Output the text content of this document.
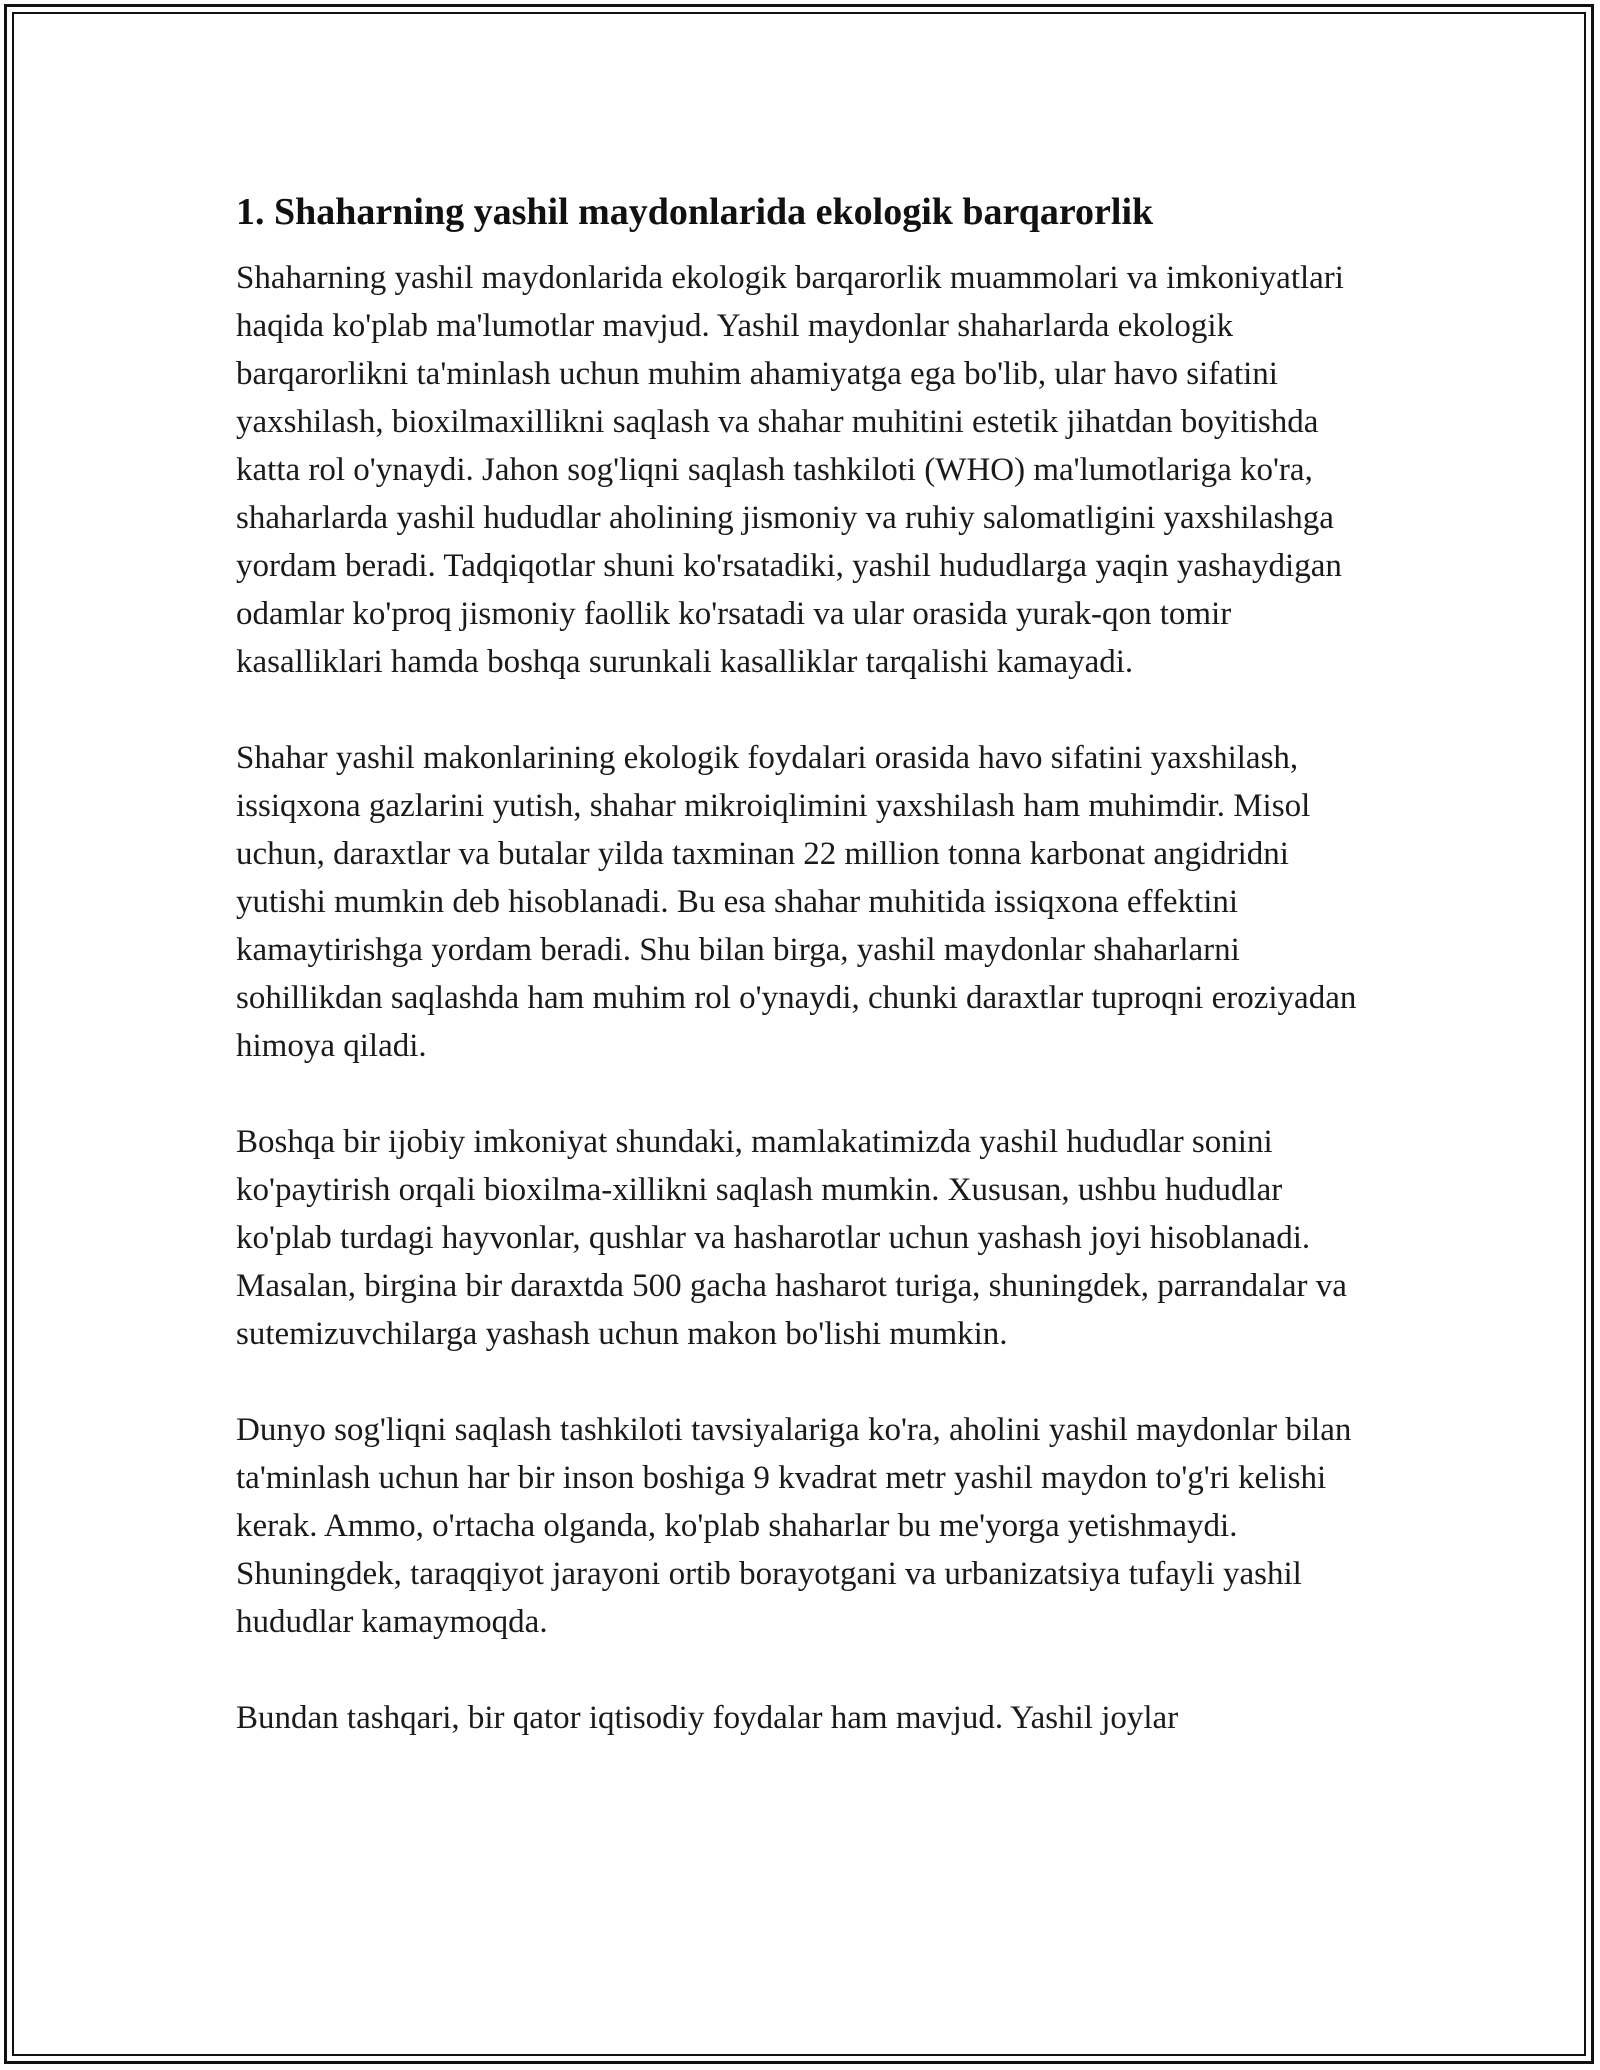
1. Shaharning yashil maydonlarida ekologik barqarorlik

Shaharning yashil maydonlarida ekologik barqarorlik muammolari va imkoniyatlari haqida ko'plab ma'lumotlar mavjud. Yashil maydonlar shaharlarda ekologik barqarorlikni ta'minlash uchun muhim ahamiyatga ega bo'lib, ular havo sifatini yaxshilash, bioxilmaxillikni saqlash va shahar muhitini estetik jihatdan boyitishda katta rol o'ynaydi. Jahon sog'liqni saqlash tashkiloti (WHO) ma'lumotlariga ko'ra, shaharlarda yashil hududlar aholining jismoniy va ruhiy salomatligini yaxshilashga yordam beradi. Tadqiqotlar shuni ko'rsatadiki, yashil hududlarga yaqin yashaydigan odamlar ko'proq jismoniy faollik ko'rsatadi va ular orasida yurak-qon tomir kasalliklari hamda boshqa surunkali kasalliklar tarqalishi kamayadi.

Shahar yashil makonlarining ekologik foydalari orasida havo sifatini yaxshilash, issiqxona gazlarini yutish, shahar mikroiqlimini yaxshilash ham muhimdir. Misol uchun, daraxtlar va butalar yilda taxminan 22 million tonna karbonat angidridni yutishi mumkin deb hisoblanadi. Bu esa shahar muhitida issiqxona effektini kamaytirishga yordam beradi. Shu bilan birga, yashil maydonlar shaharlarni sohillikdan saqlashda ham muhim rol o'ynaydi, chunki daraxtlar tuproqni eroziyadan himoya qiladi.

Boshqa bir ijobiy imkoniyat shundaki, mamlakatimizda yashil hududlar sonini ko'paytirish orqali bioxilma-xillikni saqlash mumkin. Xususan, ushbu hududlar ko'plab turdagi hayvonlar, qushlar va hasharotlar uchun yashash joyi hisoblanadi. Masalan, birgina bir daraxtda 500 gacha hasharot turiga, shuningdek, parrandalar va sutemizuvchilarga yashash uchun makon bo'lishi mumkin.

Dunyo sog'liqni saqlash tashkiloti tavsiyalariga ko'ra, aholini yashil maydonlar bilan ta'minlash uchun har bir inson boshiga 9 kvadrat metr yashil maydon to'g'ri kelishi kerak. Ammo, o'rtacha olganda, ko'plab shaharlar bu me'yorga yetishmaydi. Shuningdek, taraqqiyot jarayoni ortib borayotgani va urbanizatsiya tufayli yashil hududlar kamaymoqda.

Bundan tashqari, bir qator iqtisodiy foydalar ham mavjud. Yashil joylar
